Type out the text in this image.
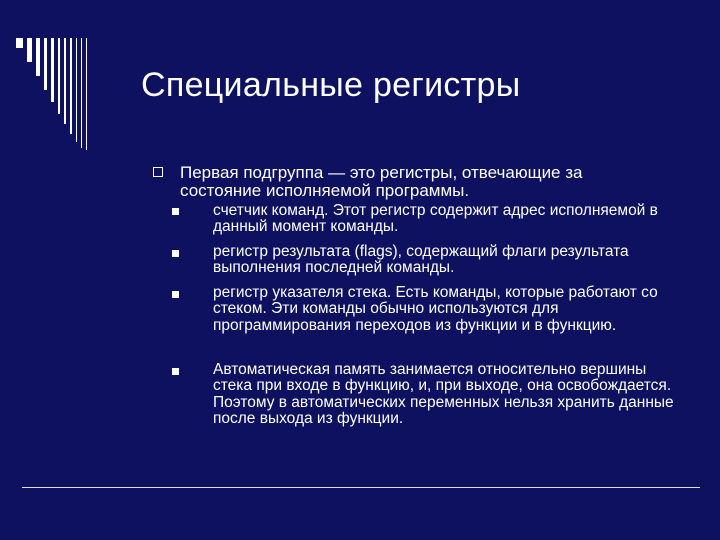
Специальные регистры
Первая подгруппа — это регистры, отвечающие за состояние исполняемой программы.
счетчик команд. Этот регистр содержит адрес исполняемой в данный момент команды.
регистр результата (flags), содержащий флаги результата выполнения последней команды.
регистр указателя стека. Есть команды, которые работают со стеком. Эти команды обычно используются для программирования переходов из функции и в функцию.
Автоматическая память занимается относительно вершины стека при входе в функцию, и, при выходе, она освобождается. Поэтому в автоматических переменных нельзя хранить данные после выхода из функции.
